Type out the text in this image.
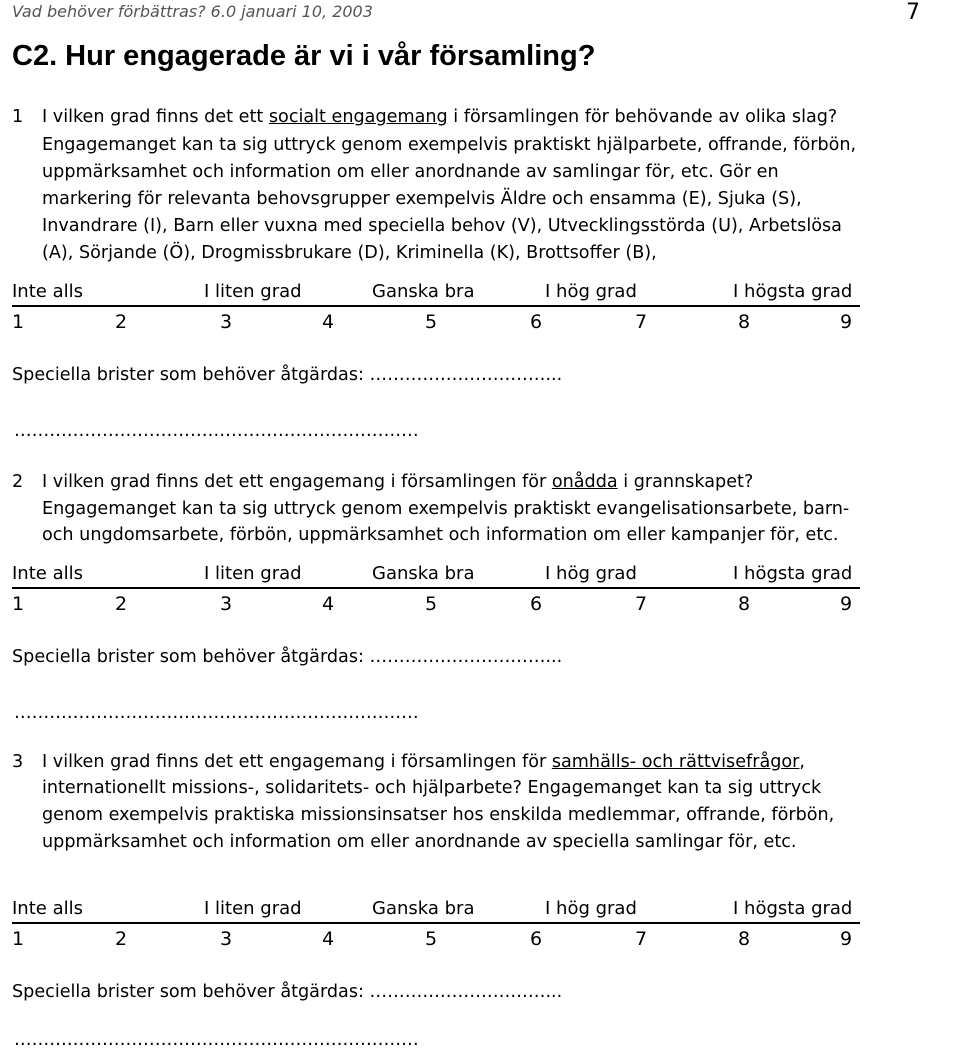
Vad behöver förbättras? 6.0 januari 10, 2003	7
C2. Hur engagerade är vi i vår församling?
1 I vilken grad finns det ett socialt engagemang i församlingen för behövande av olika slag?
Engagemanget kan ta sig uttryck genom exempelvis praktiskt hjälparbete, offrande, förbön,
uppmärksamhet och information om eller anordnande av samlingar för, etc. Gör en
markering för relevanta behovsgrupper exempelvis Äldre och ensamma (E), Sjuka (S),
Invandrare (I), Barn eller vuxna med speciella behov (V), Utvecklingsstörda (U), Arbetslösa
(A), Sörjande (Ö), Drogmissbrukare (D), Kriminella (K), Brottsoffer (B),
Inte alls	I liten grad	Ganska bra	I hög grad	I högsta grad
1	2	3	4	5	6	7	8	9
Speciella brister som behöver åtgärdas: …………………………...
……………………………………………………………
2 I vilken grad finns det ett engagemang i församlingen för onådda i grannskapet?
Engagemanget kan ta sig uttryck genom exempelvis praktiskt evangelisationsarbete, barn-
och ungdomsarbete, förbön, uppmärksamhet och information om eller kampanjer för, etc.
Inte alls	I liten grad	Ganska bra	I hög grad	I högsta grad
1	2	3	4	5	6	7	8	9
Speciella brister som behöver åtgärdas: …………………………...
……………………………………………………………
3 I vilken grad finns det ett engagemang i församlingen för samhälls- och rättvisefrågor,
internationellt missions-, solidaritets- och hjälparbete? Engagemanget kan ta sig uttryck
genom exempelvis praktiska missionsinsatser hos enskilda medlemmar, offrande, förbön,
uppmärksamhet och information om eller anordnande av speciella samlingar för, etc.
Inte alls	I liten grad	Ganska bra	I hög grad	I högsta grad
1	2	3	4	5	6	7	8	9
Speciella brister som behöver åtgärdas: …………………………...
……………………………………………………………
